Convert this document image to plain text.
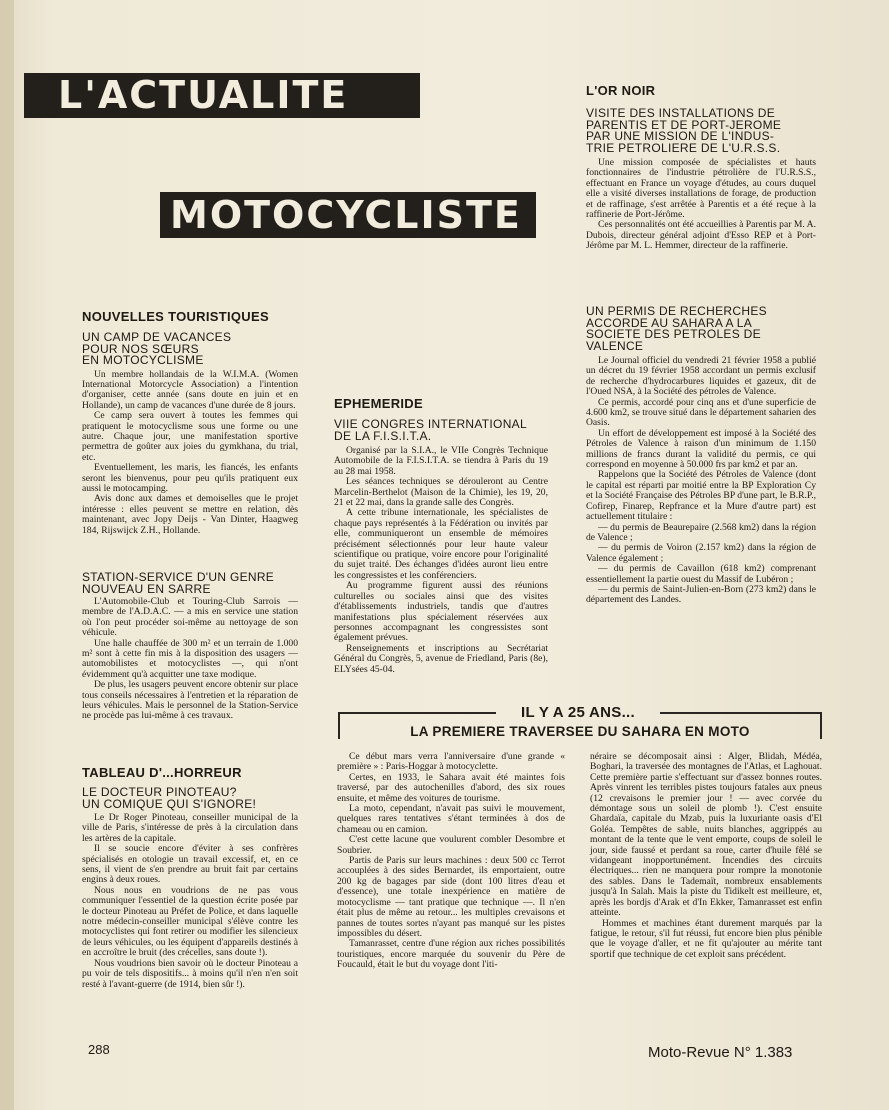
L'ACTUALITE
MOTOCYCLISTE
NOUVELLES TOURISTIQUES
UN CAMP DE VACANCES
POUR NOS SŒURS
EN MOTOCYCLISME

Un membre hollandais de la W.I.M.A. (Women International Motorcycle Association) a l'intention d'organiser, cette année (sans doute en juin et en Hollande), un camp de vacances d'une durée de 8 jours.

Ce camp sera ouvert à toutes les femmes qui pratiquent le motocyclisme sous une forme ou une autre. Chaque jour, une manifestation sportive permettra de goûter aux joies du gymkhana, du trial, etc.

Eventuellement, les maris, les fiancés, les enfants seront les bienvenus, pour peu qu'ils pratiquent eux aussi le motocamping.

Avis donc aux dames et demoiselles que le projet intéresse : elles peuvent se mettre en relation, dès maintenant, avec Jopy Deijs - Van Dinter, Haagweg 184, Rijswijck Z.H., Hollande.

STATION-SERVICE D'UN GENRE
NOUVEAU EN SARRE

L'Automobile-Club et Touring-Club Sarrois — membre de l'A.D.A.C. — a mis en service une station où l'on peut procéder soi-même au nettoyage de son véhicule.

Une halle chauffée de 300 m² et un terrain de 1.000 m² sont à cette fin mis à la disposition des usagers — automobilistes et motocyclistes —, qui n'ont évidemment qu'à acquitter une taxe modique.

De plus, les usagers peuvent encore obtenir sur place tous conseils nécessaires à l'entretien et la réparation de leurs véhicules. Mais le personnel de la Station-Service ne procède pas lui-même à ces travaux.

TABLEAU D'...HORREUR
LE DOCTEUR PINOTEAU?
UN COMIQUE QUI S'IGNORE!

Le Dr Roger Pinoteau, conseiller municipal de la ville de Paris, s'intéresse de près à la circulation dans les artères de la capitale.

Il se soucie encore d'éviter à ses confrères spécialisés en otologie un travail excessif, et, en ce sens, il vient de s'en prendre au bruit fait par certains engins à deux roues.

Nous nous en voudrions de ne pas vous communiquer l'essentiel de la question écrite posée par le docteur Pinoteau au Préfet de Police, et dans laquelle notre médecin-conseiller municipal s'élève contre les motocyclistes qui font retirer ou modifier les silencieux de leurs véhicules, ou les équipent d'appareils destinés à en accroître le bruit (des crécelles, sans doute !).

Nous voudrions bien savoir où le docteur Pinoteau a pu voir de tels dispositifs... à moins qu'il n'en n'en soit resté à l'avant-guerre (de 1914, bien sûr !).

EPHEMERIDE
VIIE CONGRES INTERNATIONAL
DE LA F.I.S.I.T.A.

Organisé par la S.I.A., le VIIe Congrès Technique Automobile de la F.I.S.I.T.A. se tiendra à Paris du 19 au 28 mai 1958.

Les séances techniques se dérouleront au Centre Marcelin-Berthelot (Maison de la Chimie), les 19, 20, 21 et 22 mai, dans la grande salle des Congrès.

A cette tribune internationale, les spécialistes de chaque pays représentés à la Fédération ou invités par elle, communiqueront un ensemble de mémoires précisément sélectionnés pour leur haute valeur scientifique ou pratique, voire encore pour l'originalité du sujet traité. Des échanges d'idées auront lieu entre les congressistes et les conférenciers.

Au programme figurent aussi des réunions culturelles ou sociales ainsi que des visites d'établissements industriels, tandis que d'autres manifestations plus spécialement réservées aux personnes accompagnant les congressistes sont également prévues.

Renseignements et inscriptions au Secrétariat Général du Congrès, 5, avenue de Friedland, Paris (8e), ELYsées 45-04.

L'OR NOIR
VISITE DES INSTALLATIONS DE
PARENTIS ET DE PORT-JEROME
PAR UNE MISSION DE L'INDUS-
TRIE PETROLIERE DE L'U.R.S.S.

Une mission composée de spécialistes et hauts fonctionnaires de l'industrie pétrolière de l'U.R.S.S., effectuant en France un voyage d'études, au cours duquel elle a visité diverses installations de forage, de production et de raffinage, s'est arrêtée à Parentis et a été reçue à la raffinerie de Port-Jérôme.

Ces personnalités ont été accueillies à Parentis par M. A. Dubois, directeur général adjoint d'Esso REP et à Port-Jérôme par M. L. Hemmer, directeur de la raffinerie.

UN PERMIS DE RECHERCHES
ACCORDE AU SAHARA A LA
SOCIETE DES PETROLES DE
VALENCE

Le Journal officiel du vendredi 21 février 1958 a publié un décret du 19 février 1958 accordant un permis exclusif de recherche d'hydrocarbures liquides et gazeux, dit de l'Oued NSA, à la Société des pétroles de Valence.

Ce permis, accordé pour cinq ans et d'une superficie de 4.600 km2, se trouve situé dans le département saharien des Oasis.

Un effort de développement est imposé à la Société des Pétroles de Valence à raison d'un minimum de 1.150 millions de francs durant la validité du permis, ce qui correspond en moyenne à 50.000 frs par km2 et par an.

Rappelons que la Société des Pétroles de Valence (dont le capital est réparti par moitié entre la BP Exploration Cy et la Société Française des Pétroles BP d'une part, le B.R.P., Cofirep, Finarep, Repfrance et la Mure d'autre part) est actuellement titulaire :

— du permis de Beaurepaire (2.568 km2) dans la région de Valence ;

— du permis de Voiron (2.157 km2) dans la région de Valence également ;

— du permis de Cavaillon (618 km2) comprenant essentiellement la partie ouest du Massif de Lubéron ;

— du permis de Saint-Julien-en-Born (273 km2) dans le département des Landes.

IL Y A 25 ANS...
LA PREMIERE TRAVERSEE DU SAHARA EN MOTO

Ce début mars verra l'anniversaire d'une grande « première » : Paris-Hoggar à motocyclette.

Certes, en 1933, le Sahara avait été maintes fois traversé, par des autochenilles d'abord, des six roues ensuite, et même des voitures de tourisme.

La moto, cependant, n'avait pas suivi le mouvement, quelques rares tentatives s'étant terminées à dos de chameau ou en camion.

C'est cette lacune que voulurent combler Desombre et Soubrier.

Partis de Paris sur leurs machines : deux 500 cc Terrot accouplées à des sides Bernardet, ils emportaient, outre 200 kg de bagages par side (dont 100 litres d'eau et d'essence), une totale inexpérience en matière de motocyclisme — tant pratique que technique —. Il n'en était plus de même au retour... les multiples crevaisons et pannes de toutes sortes n'ayant pas manqué sur les pistes impossibles du désert.

Tamanrasset, centre d'une région aux riches possibilités touristiques, encore marquée du souvenir du Père de Foucauld, était le but du voyage dont l'iti-

néraire se décomposait ainsi : Alger, Blidah, Médéa, Boghari, la traversée des montagnes de l'Atlas, et Laghouat. Cette première partie s'effectuant sur d'assez bonnes routes. Après vinrent les terribles pistes toujours fatales aux pneus (12 crevaisons le premier jour ! — avec corvée du démontage sous un soleil de plomb !). C'est ensuite Ghardaïa, capitale du Mzab, puis la luxuriante oasis d'El Goléa. Tempêtes de sable, nuits blanches, aggrippés au montant de la tente que le vent emporte, coups de soleil le jour, side faussé et perdant sa roue, carter d'huile fêlé se vidangeant inopportunément. Incendies des circuits électriques... rien ne manquera pour rompre la monotonie des sables. Dans le Tademaït, nombreux ensablements jusqu'à In Salah. Mais la piste du Tidikelt est meilleure, et, après les bordjs d'Arak et d'In Ekker, Tamanrasset est enfin atteinte.

Hommes et machines étant durement marqués par la fatigue, le retour, s'il fut réussi, fut encore bien plus pénible que le voyage d'aller, et ne fit qu'ajouter au mérite tant sportif que technique de cet exploit sans précédent.

288	Moto-Revue N° 1.383
